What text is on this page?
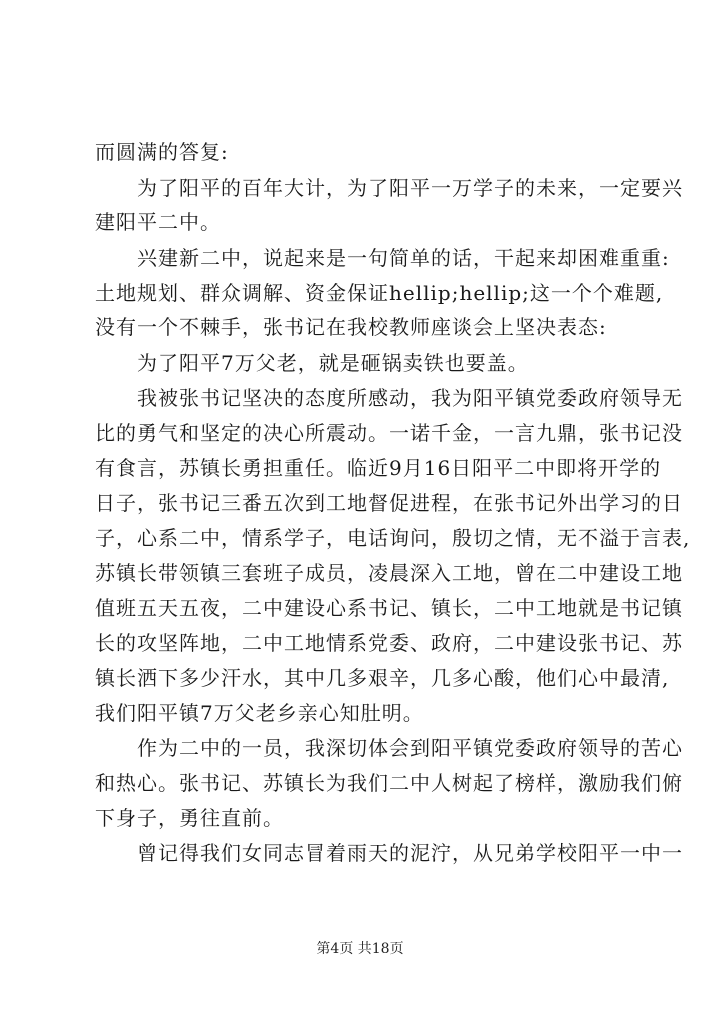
而圆满的答复:
为了阳平的百年大计，为了阳平一万学子的未来，一定要兴
建阳平二中。
兴建新二中，说起来是一句简单的话，干起来却困难重重:
土地规划、群众调解、资金保证hellip;hellip;这一个个难题,
没有一个不棘手，张书记在我校教师座谈会上坚决表态:
为了阳平7万父老，就是砸锅卖铁也要盖。
我被张书记坚决的态度所感动，我为阳平镇党委政府领导无
比的勇气和坚定的决心所震动。一诺千金，一言九鼎，张书记没
有食言，苏镇长勇担重任。临近9月16日阳平二中即将开学的
日子，张书记三番五次到工地督促进程，在张书记外出学习的日
子，心系二中，情系学子，电话询问，殷切之情，无不溢于言表,
苏镇长带领镇三套班子成员，凌晨深入工地，曾在二中建设工地
值班五天五夜，二中建设心系书记、镇长，二中工地就是书记镇
长的攻坚阵地，二中工地情系党委、政府，二中建设张书记、苏
镇长洒下多少汗水，其中几多艰辛，几多心酸，他们心中最清,
我们阳平镇7万父老乡亲心知肚明。
作为二中的一员，我深切体会到阳平镇党委政府领导的苦心
和热心。张书记、苏镇长为我们二中人树起了榜样，激励我们俯
下身子，勇往直前。
曾记得我们女同志冒着雨天的泥泞，从兄弟学校阳平一中一
第4页 共18页
